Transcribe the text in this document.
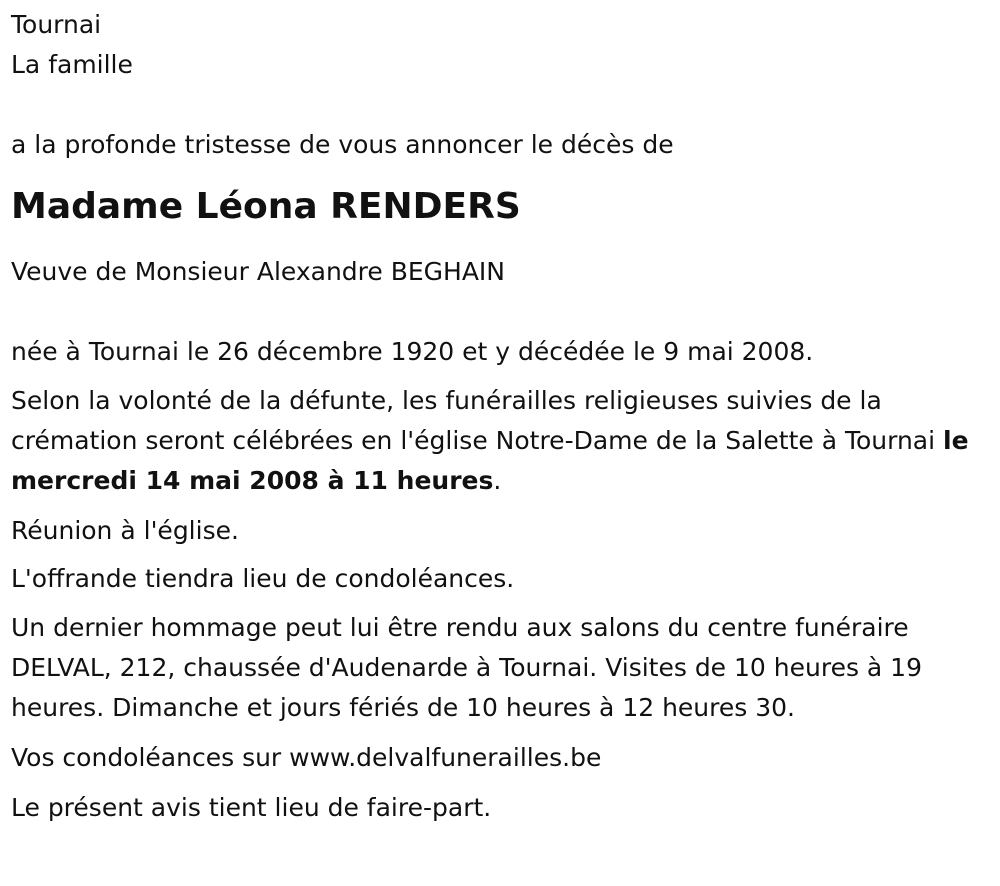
Tournai
La famille
a la profonde tristesse de vous annoncer le décès de
Madame Léona RENDERS
Veuve de Monsieur Alexandre BEGHAIN
née à Tournai le 26 décembre 1920 et y décédée le 9 mai 2008.

Selon la volonté de la défunte, les funérailles religieuses suivies de la crémation seront célébrées en l'église Notre-Dame de la Salette à Tournai le mercredi 14 mai 2008 à 11 heures.

Réunion à l'église.
L'offrande tiendra lieu de condoléances.

Un dernier hommage peut lui être rendu aux salons du centre funéraire DELVAL, 212, chaussée d'Audenarde à Tournai. Visites de 10 heures à 19 heures. Dimanche et jours fériés de 10 heures à 12 heures 30.

Vos condoléances sur www.delvalfunerailles.be
Le présent avis tient lieu de faire-part.
